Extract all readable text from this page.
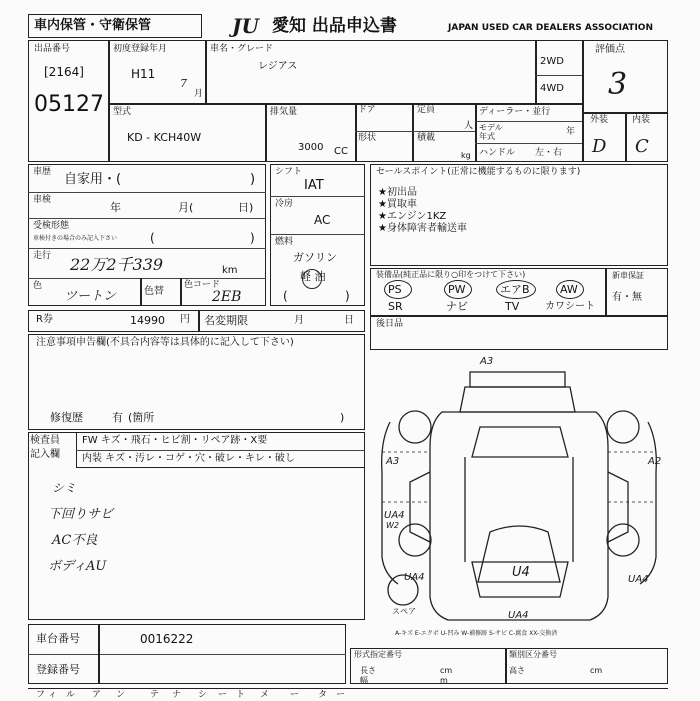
車内保管・守衛保管	JU 愛知 出品申込書	JAPAN USED CAR DEALERS ASSOCIATION
出品番号
[2164]
05127
初度登録年月
H11
7
月
車名・グレード
レジアス	2WD
4WD
評価点
3
外装	内装
D C
型式
KD - KCH40W
排気量
3000 CC
ドア
形状
定員
人
積載
kg
ディーラー・並行
モデル
年式	年
ハンドル 左・右
車歴 自家用・(	)
車検
年	月(	日)
受検形態
車検付きの場合のみ記入下さい	(	)
走行 22万2千339	km
色
ツートン	色替
色コード
2EB
シフト
IAT
冷房
AC
燃料
ガソリン
軽 油
(	)
セールスポイント(正常に機能するものに限ります)
★初出品
★買取車
★エンジン1KZ
★身体障害者輸送車
装備品(純正品に限り○印をつけて下さい)
PS	PW	エアB	AW
SR	ナビ	TV	カワシート
新車保証
有・無
R券	14990 円 名変期限	月	日
注意事項申告欄(不具合内容等は具体的に記入して下さい)
修復歴	有 (箇所	)
後日品
検査員
記入欄
FW キズ・飛石・ヒビ割・リペア跡・X要
内装 キズ・汚レ・コゲ・穴・破レ・キレ・破し
シミ
下回りサビ
AC不良
ボディAU
A3
A3	A2
UA4
W2
U4
UA4	UA4
UA4
スペア
A-キズ E-エクボ U-凹み W-補修跡 S-サビ C-腐食 XX-交換済
車台番号	0016222
登録番号
形式指定番号	類別区分番号
長さ	cm	高さ	cm
幅	m
フ ィ ル ア ン	テ ナ シ ー ト メ ー タ ー
